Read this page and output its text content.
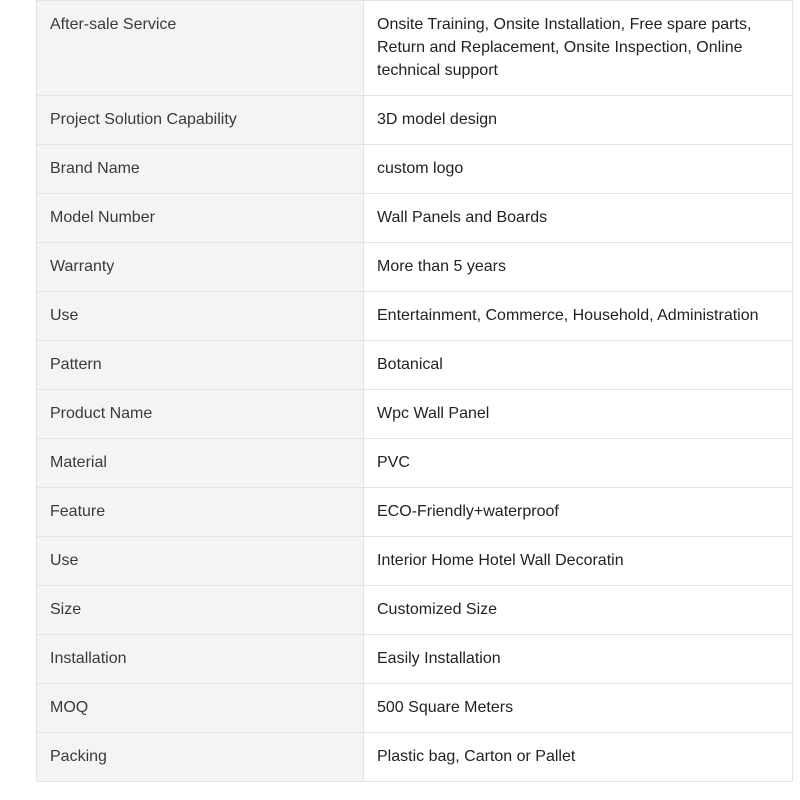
After-sale Service	Onsite Training, Onsite Installation, Free spare parts, Return and Replacement, Onsite Inspection, Online technical support
Project Solution Capability	3D model design
Brand Name	custom logo
Model Number	Wall Panels and Boards
Warranty	More than 5 years
Use	Entertainment, Commerce, Household, Administration
Pattern	Botanical
Product Name	Wpc Wall Panel
Material	PVC
Feature	ECO-Friendly+waterproof
Use	Interior Home Hotel Wall Decoratin
Size	Customized Size
Installation	Easily Installation
MOQ	500 Square Meters
Packing	Plastic bag, Carton or Pallet
